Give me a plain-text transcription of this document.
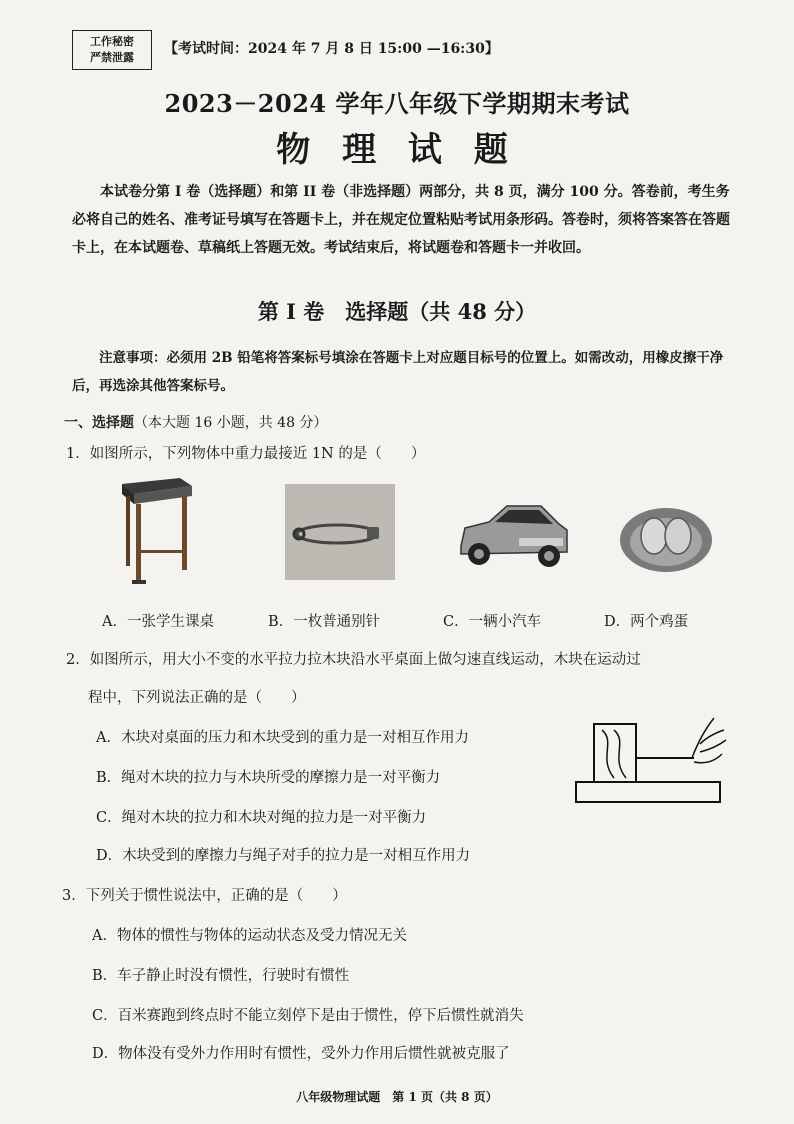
工作秘密
严禁泄露
【考试时间：2024 年 7 月 8 日 15:00 —16:30】
2023－2024 学年八年级下学期期末考试
物 理 试 题
本试卷分第 I 卷（选择题）和第 II 卷（非选择题）两部分，共 8 页，满分 100 分。答卷前，考生务必将自己的姓名、准考证号填写在答题卡上，并在规定位置粘贴考试用条形码。答卷时，须将答案答在答题卡上，在本试题卷、草稿纸上答题无效。考试结束后，将试题卷和答题卡一并收回。
第 I 卷　选择题（共 48 分）
注意事项：必须用 2B 铅笔将答案标号填涂在答题卡上对应题目标号的位置上。如需改动，用橡皮擦干净后，再选涂其他答案标号。
一、选择题（本大题 16 小题，共 48 分）
1．如图所示，下列物体中重力最接近 1N 的是（　　）
A．一张学生课桌	B．一枚普通别针	C．一辆小汽车	D．两个鸡蛋
2．如图所示，用大小不变的水平拉力拉木块沿水平桌面上做匀速直线运动，木块在运动过
程中，下列说法正确的是（　　）
A．木块对桌面的压力和木块受到的重力是一对相互作用力
B．绳对木块的拉力与木块所受的摩擦力是一对平衡力
C．绳对木块的拉力和木块对绳的拉力是一对平衡力
D．木块受到的摩擦力与绳子对手的拉力是一对相互作用力
3．下列关于惯性说法中，正确的是（　　）
A．物体的惯性与物体的运动状态及受力情况无关
B．车子静止时没有惯性，行驶时有惯性
C．百米赛跑到终点时不能立刻停下是由于惯性，停下后惯性就消失
D．物体没有受外力作用时有惯性，受外力作用后惯性就被克服了
八年级物理试题　第 1 页（共 8 页）
